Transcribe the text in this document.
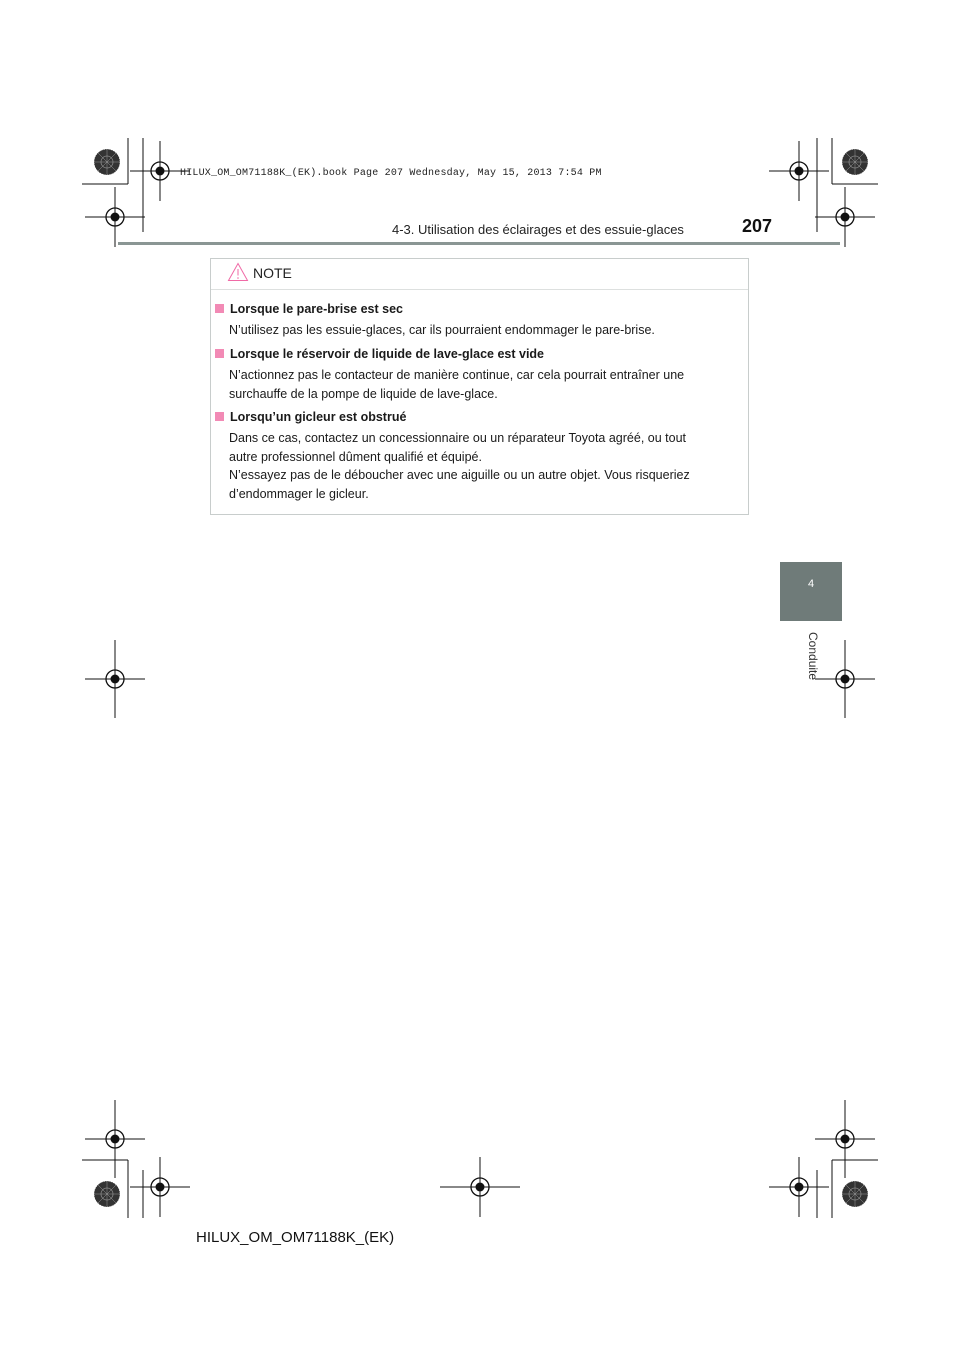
HILUX_OM_OM71188K_(EK).book Page 207 Wednesday, May 15, 2013 7:54 PM
4-3. Utilisation des éclairages et des essuie-glaces	207
4
Conduite
NOTE
Lorsque le pare-brise est sec
N’utilisez pas les essuie-glaces, car ils pourraient endommager le pare-brise.
Lorsque le réservoir de liquide de lave-glace est vide
N’actionnez pas le contacteur de manière continue, car cela pourrait entraîner une
surchauffe de la pompe de liquide de lave-glace.
Lorsqu’un gicleur est obstrué
Dans ce cas, contactez un concessionnaire ou un réparateur Toyota agréé, ou tout
autre professionnel dûment qualifié et équipé.
N’essayez pas de le déboucher avec une aiguille ou un autre objet. Vous risqueriez
d’endommager le gicleur.
HILUX_OM_OM71188K_(EK)
